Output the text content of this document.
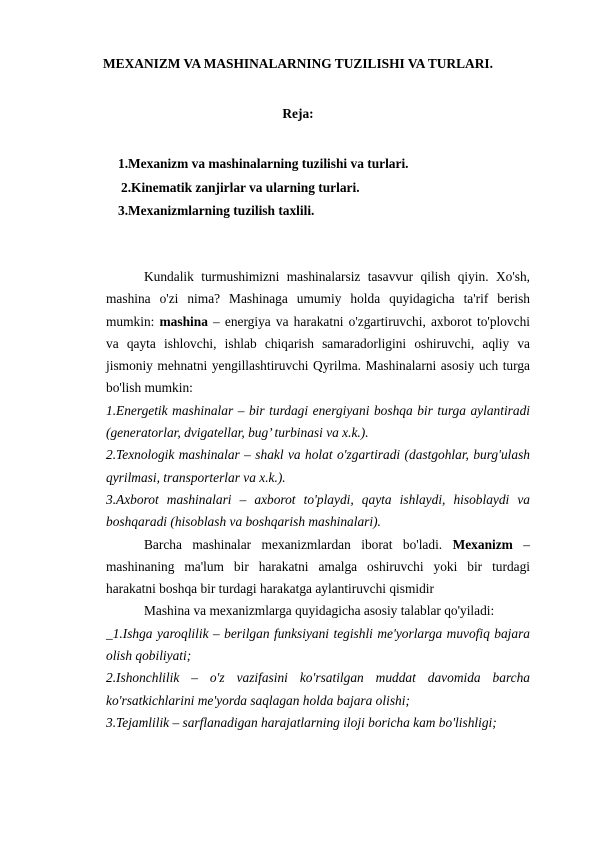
MEXANIZM VA MASHINALARNING TUZILISHI VA TURLARI.
Reja:
1.Mexanizm va mashinalarning tuzilishi va turlari.
2.Kinematik zanjirlar va ularning turlari.
3.Mexanizmlarning tuzilish taxlili.

Kundalik turmushimizni mashinalarsiz tasavvur qilish qiyin. Xo'sh, mashina o'zi nima? Mashinaga umumiy holda quyidagicha ta'rif berish mumkin: mashina – energiya va harakatni o'zgartiruvchi, axborot to'plovchi va qayta ishlovchi, ishlab chiqarish samaradorligini oshiruvchi, aqliy va jismoniy mehnatni yengillashtiruvchi Qyrilma. Mashinalarni asosiy uch turga bo'lish mumkin:

1.Energetik mashinalar – bir turdagi energiyani boshqa bir turga aylantiradi (generatorlar, dvigatellar, bug’ turbinasi va x.k.).

2.Texnologik mashinalar – shakl va holat o'zgartiradi (dastgohlar, burg'ulash qyrilmasi, transporterlar va x.k.).

3.Axborot mashinalari – axborot to'playdi, qayta ishlaydi, hisoblaydi va boshqaradi (hisoblash va boshqarish mashinalari).

Barcha mashinalar mexanizmlardan iborat bo'ladi. Mexanizm – mashinaning ma'lum bir harakatni amalga oshiruvchi yoki bir turdagi harakatni boshqa bir turdagi harakatga aylantiruvchi qismidir

Mashina va mexanizmlarga quyidagicha asosiy talablar qo'yiladi:

_1.Ishga yaroqlilik – berilgan funksiyani tegishli me'yorlarga muvofiq bajara olish qobiliyati;

2.Ishonchlilik – o'z vazifasini ko'rsatilgan muddat davomida barcha ko'rsatkichlarini me'yorda saqlagan holda bajara olishi;

3.Tejamlilik – sarflanadigan harajatlarning iloji boricha kam bo'lishligi;
